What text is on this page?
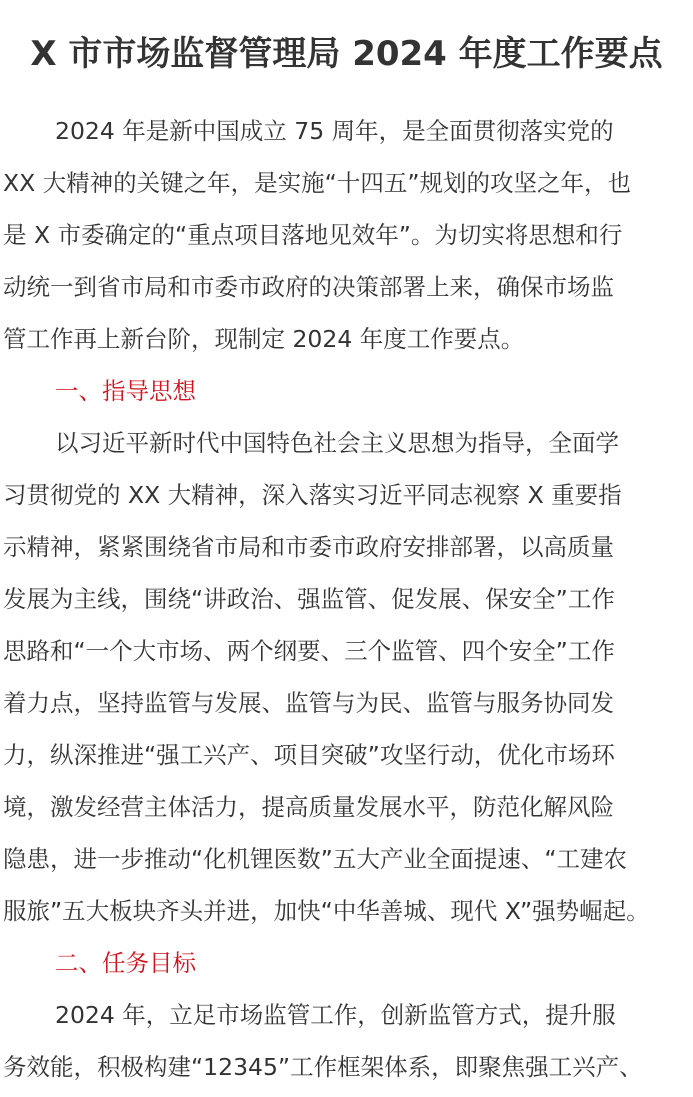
X 市市场监督管理局 2024 年度工作要点
2024 年是新中国成立 75 周年，是全面贯彻落实党的
XX 大精神的关键之年，是实施“十四五”规划的攻坚之年，也
是 X 市委确定的“重点项目落地见效年”。为切实将思想和行
动统一到省市局和市委市政府的决策部署上来，确保市场监
管工作再上新台阶，现制定 2024 年度工作要点。
一、指导思想
以习近平新时代中国特色社会主义思想为指导，全面学
习贯彻党的 XX 大精神，深入落实习近平同志视察 X 重要指
示精神，紧紧围绕省市局和市委市政府安排部署，以高质量
发展为主线，围绕“讲政治、强监管、促发展、保安全”工作
思路和“一个大市场、两个纲要、三个监管、四个安全”工作
着力点，坚持监管与发展、监管与为民、监管与服务协同发
力，纵深推进“强工兴产、项目突破”攻坚行动，优化市场环
境，激发经营主体活力，提高质量发展水平，防范化解风险
隐患，进一步推动“化机锂医数”五大产业全面提速、“工建农
服旅”五大板块齐头并进，加快“中华善城、现代 X”强势崛起。
二、任务目标
2024 年，立足市场监管工作，创新监管方式，提升服
务效能，积极构建“12345”工作框架体系，即聚焦强工兴产、
